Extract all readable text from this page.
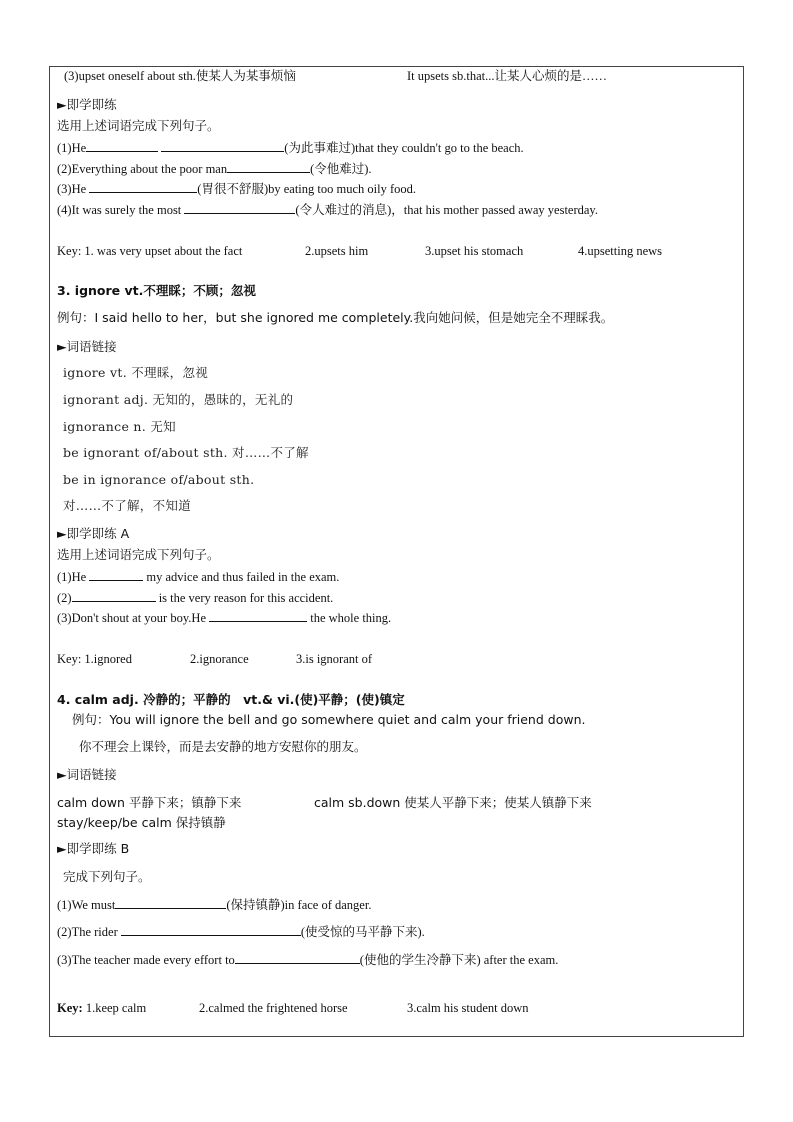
(3)upset oneself about sth.使某人为某事烦恼	It upsets sb.that...让某人心烦的是……
►即学即练
选用上述词语完成下列句子。
(1)He	(为此事难过)that they couldn't go to the beach.
(2)Everything about the poor man	(令他难过).
(3)He	(胃很不舒服)by eating too much oily food.
(4)It was surely the most	(令人难过的消息)，that his mother passed away yesterday.
Key: 1. was very upset about the fact	2.upsets him	3.upset his stomach	4.upsetting news
3. ignore vt.不理睬；不顾；忽视
例句：I said hello to her，but she ignored me completely.我向她问候，但是她完全不理睬我。
►词语链接
ignore vt. 不理睬，忽视
ignorant adj. 无知的，愚昧的，无礼的
ignorance n. 无知
be ignorant of/about sth. 对……不了解
be in ignorance of/about sth.
对……不了解，不知道
►即学即练 A
选用上述词语完成下列句子。
(1)He	my advice and thus failed in the exam.
(2)	is the very reason for this accident.
(3)Don't shout at your boy.He	the whole thing.
Key: 1.ignored	2.ignorance	3.is ignorant of
4. calm adj. 冷静的；平静的　vt.& vi.(使)平静；(使)镇定
例句：You will ignore the bell and go somewhere quiet and calm your friend down.
你不理会上课铃，而是去安静的地方安慰你的朋友。
►词语链接
calm down 平静下来；镇静下来	calm sb.down 使某人平静下来；使某人镇静下来
stay/keep/be calm 保持镇静
►即学即练 B
完成下列句子。
(1)We must	(保持镇静)in face of danger.
(2)The rider	(使受惊的马平静下来).
(3)The teacher made every effort to	(使他的学生冷静下来) after the exam.
Key: 1.keep calm	2.calmed the frightened horse	3.calm his student down
